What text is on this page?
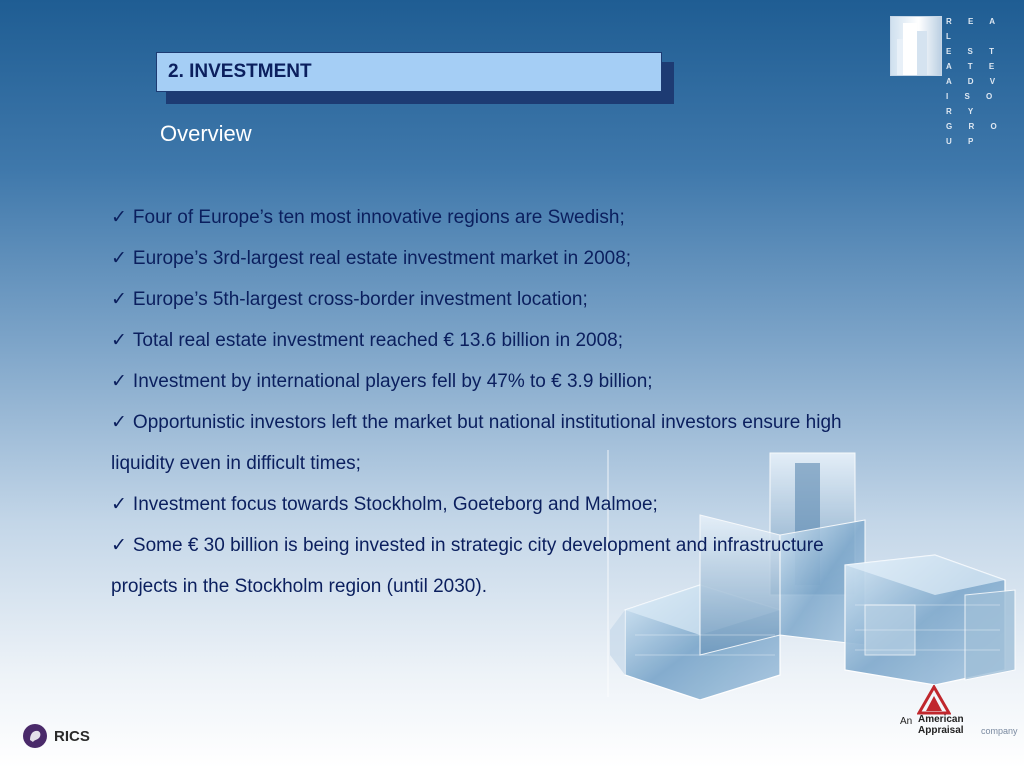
2. INVESTMENT
Overview
✓ Four of Europe’s ten most innovative regions are Swedish;
✓ Europe’s 3rd-largest real estate investment market in 2008;
✓ Europe’s 5th-largest cross-border investment location;
✓ Total real estate investment reached € 13.6 billion in 2008;
✓ Investment by international players fell by 47% to € 3.9 billion;
✓ Opportunistic investors left the market but national institutional investors ensure high liquidity even in difficult times;
✓ Investment focus towards Stockholm, Goeteborg and Malmoe;
✓ Some € 30 billion is being invested in strategic city development and infrastructure projects in the Stockholm region (until 2030).
R E A L
E S T A T E
A D V I S O R Y
G R O U P
RICS
An American
Appraisal company
